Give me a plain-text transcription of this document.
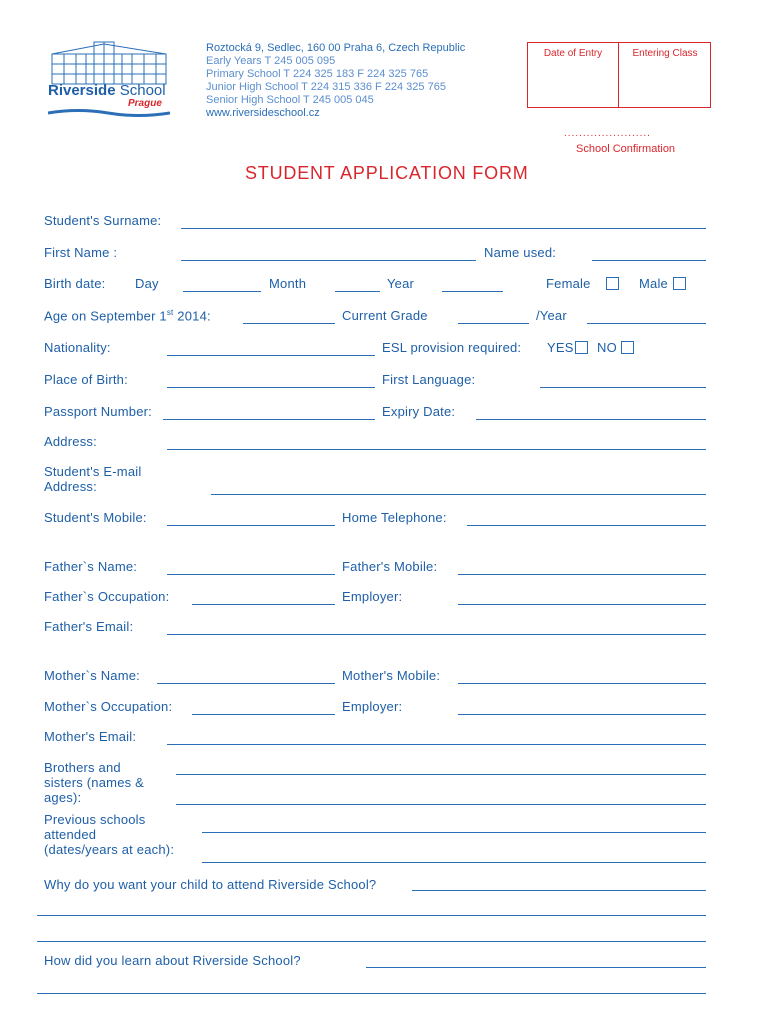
Riverside School
Prague
Roztocká 9, Sedlec, 160 00 Praha 6, Czech Republic
Early Years T 245 005 095
Primary School T 224 325 183 F 224 325 765
Junior High School T 224 315 336 F 224 325 765
Senior High School T 245 005 045
www.riversideschool.cz
Date of Entry	Entering Class
.......................
School Confirmation
STUDENT APPLICATION FORM
Student's Surname:
First Name :	Name used:
Birth date: Day	Month	Year	Female	Male
Age on September 1st 2014:	Current Grade	/Year
Nationality:	ESL provision required: YES NO
Place of Birth:	First Language:
Passport Number:	Expiry Date:
Address:
Student's E-mail
Address:
Student's Mobile:	Home Telephone:
Father`s Name:	Father's Mobile:
Father`s Occupation:	Employer:
Father's Email:
Mother`s Name:	Mother's Mobile:
Mother`s Occupation:	Employer:
Mother's Email:
Brothers and
sisters (names &
ages):
Previous schools
attended
(dates/years at each):
Why do you want your child to attend Riverside School?
How did you learn about Riverside School?
